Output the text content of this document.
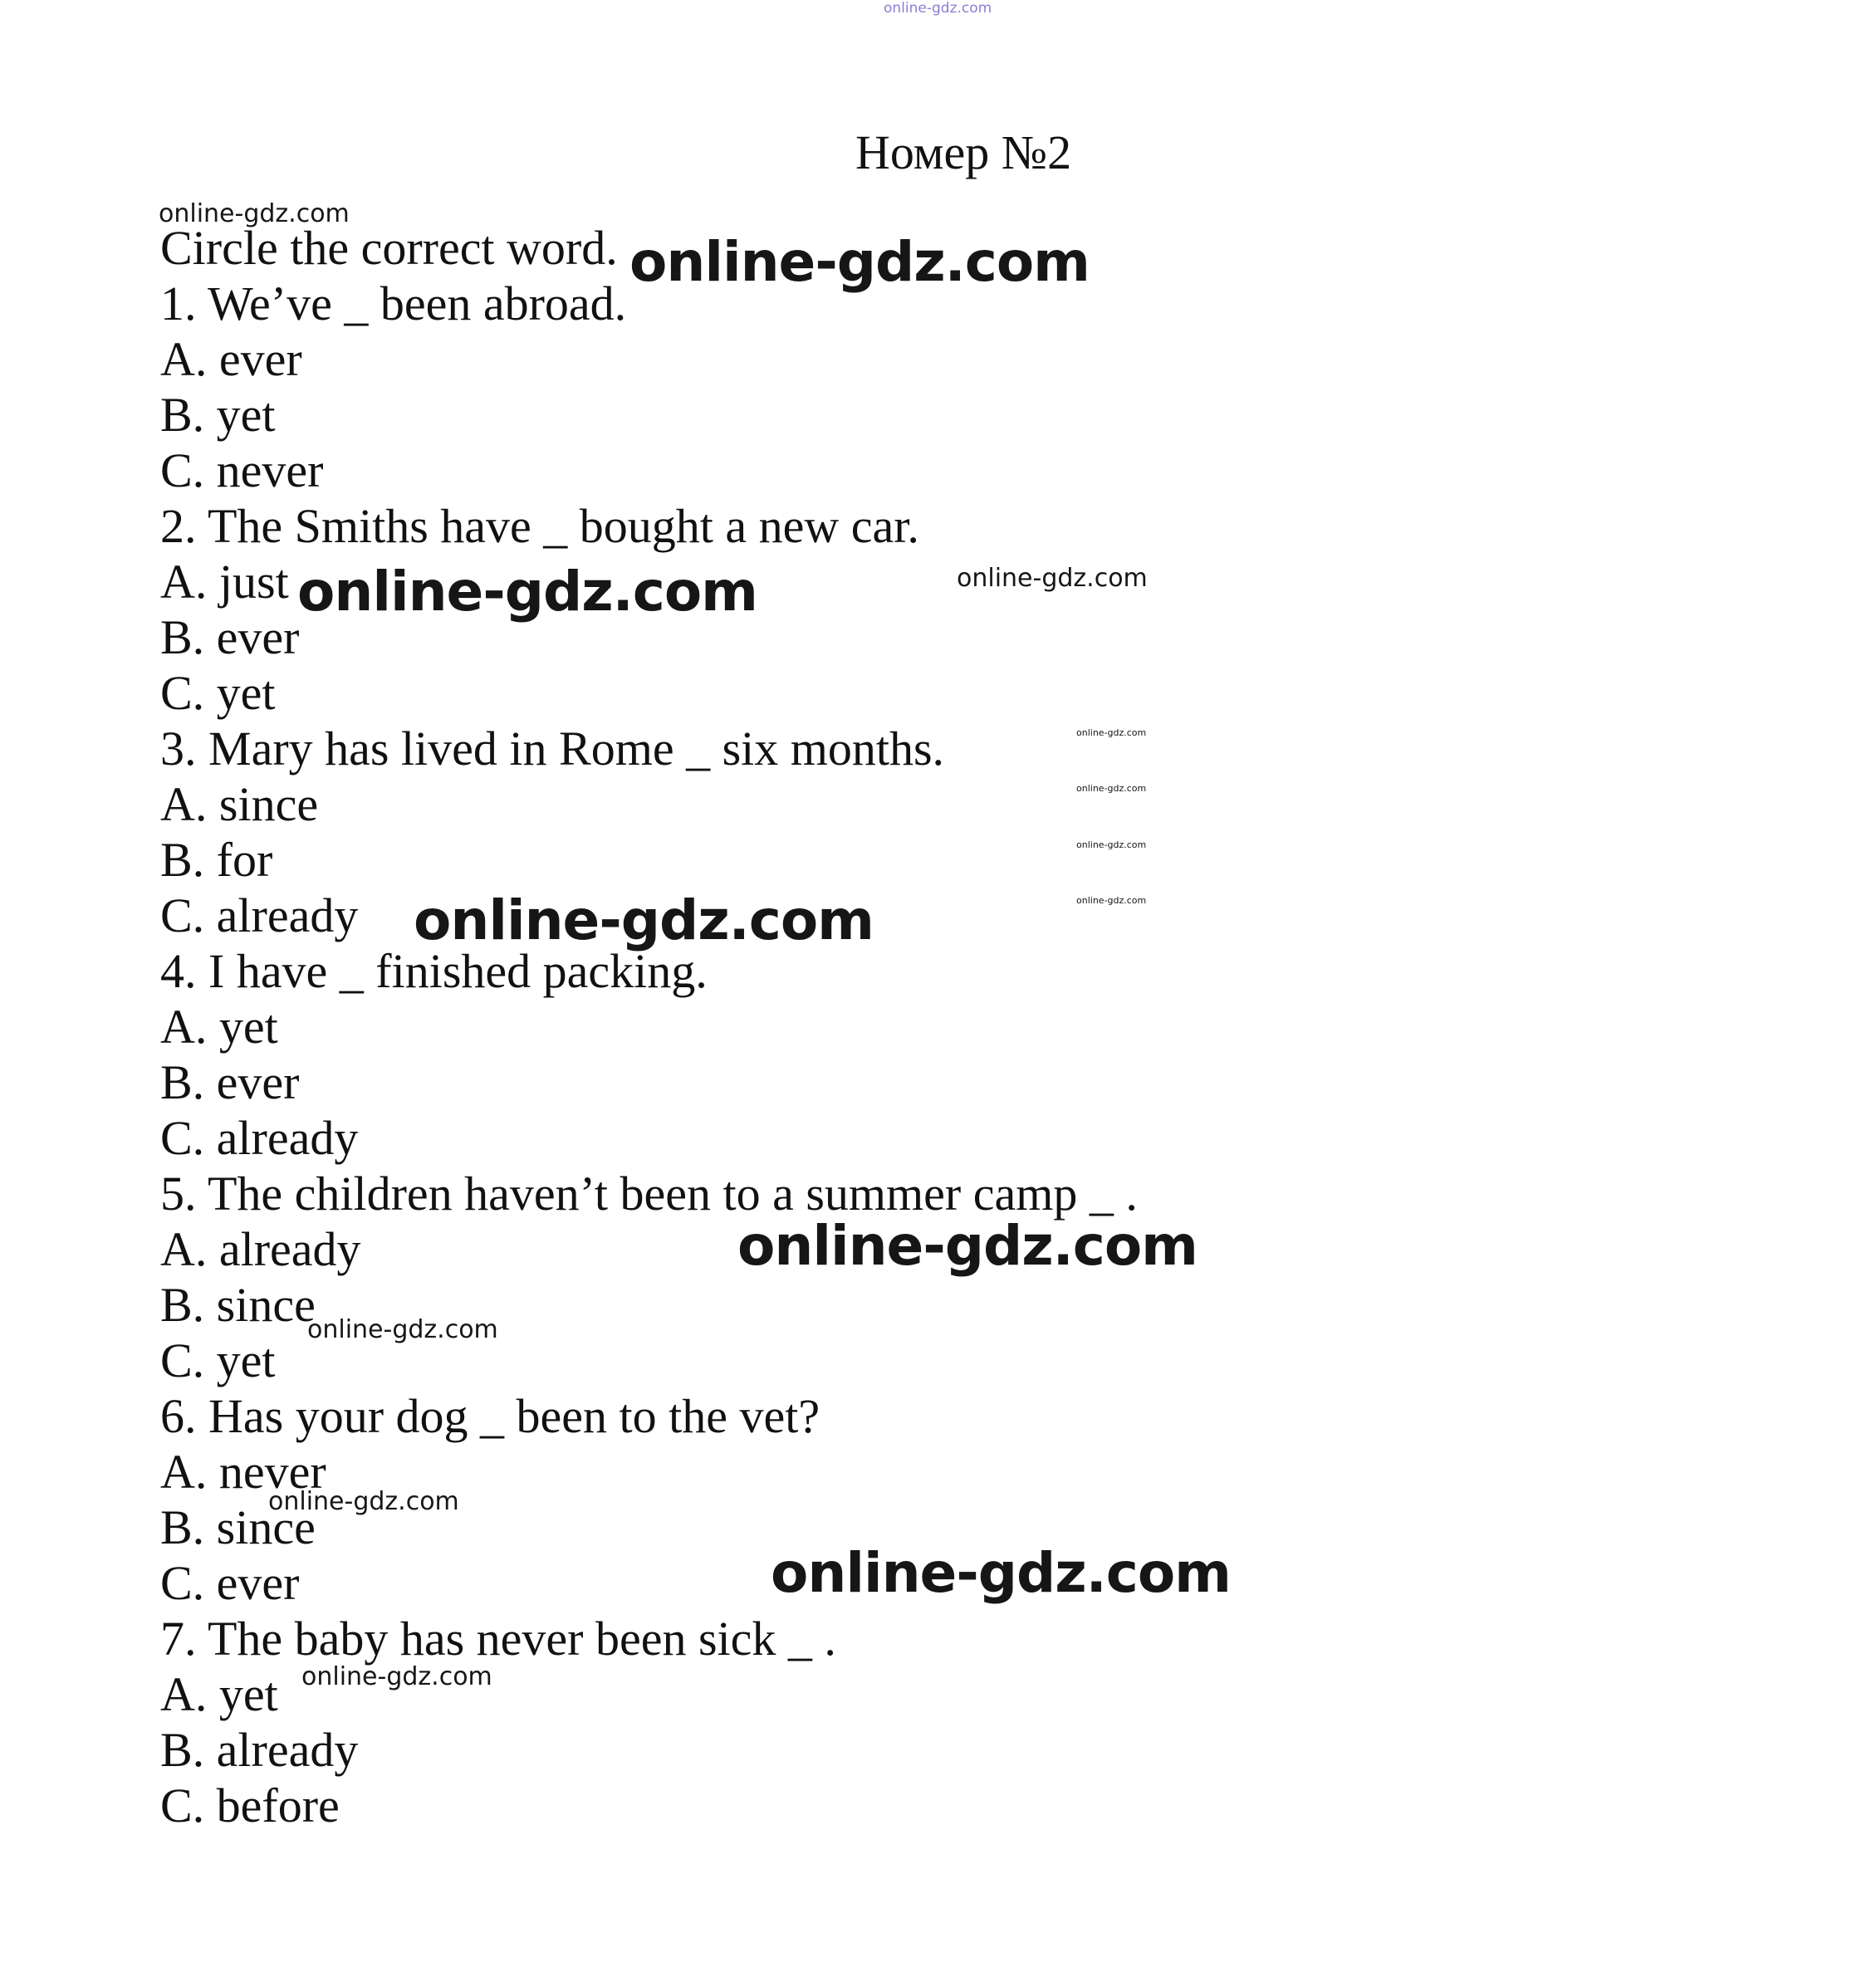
Номер №2
Circle the correct word.
1. We’ve _ been abroad.
A. ever
B. yet
C. never
2. The Smiths have _ bought a new car.
A. just
B. ever
C. yet
3. Mary has lived in Rome _ six months.
A. since
B. for
C. already
4. I have _ finished packing.
A. yet
B. ever
C. already
5. The children haven’t been to a summer camp _ .
A. already
B. since
C. yet
6. Has your dog _ been to the vet?
A. never
B. since
C. ever
7. The baby has never been sick _ .
A. yet
B. already
C. before
online-gdz.com
online-gdz.com
online-gdz.com
online-gdz.com	online-gdz.com
online-gdz.com
online-gdz.com
online-gdz.com
online-gdz.com
online-gdz.com
online-gdz.com
online-gdz.com
online-gdz.com
online-gdz.com
online-gdz.com
